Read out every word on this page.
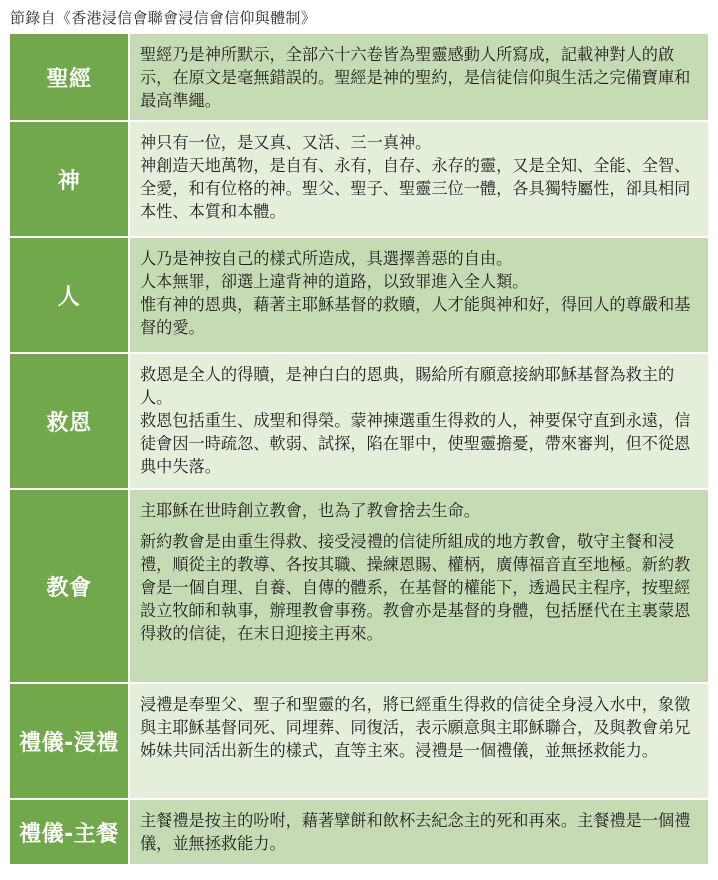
節錄自《香港浸信會聯會浸信會信仰與體制》
聖經

聖經乃是神所默示，全部六十六卷皆為聖靈感動人所寫成，記載神對人的啟示，在原文是毫無錯誤的。聖經是神的聖約，是信徒信仰與生活之完備寶庫和最高準繩。

神

神只有一位，是又真、又活、三一真神。

神創造天地萬物，是自有、永有，自存、永存的靈，又是全知、全能、全智、全愛，和有位格的神。聖父、聖子、聖靈三位一體，各具獨特屬性，卻具相同本性、本質和本體。

人

人乃是神按自己的樣式所造成，具選擇善惡的自由。

人本無罪，卻選上違背神的道路，以致罪進入全人類。

惟有神的恩典，藉著主耶穌基督的救贖，人才能與神和好，得回人的尊嚴和基督的愛。

救恩

救恩是全人的得贖，是神白白的恩典，賜給所有願意接納耶穌基督為救主的人。

救恩包括重生、成聖和得榮。蒙神揀選重生得救的人，神要保守直到永遠，信徒會因一時疏忽、軟弱、試探，陷在罪中，使聖靈擔憂，帶來審判，但不從恩典中失落。

教會

主耶穌在世時創立教會，也為了教會捨去生命。

新約教會是由重生得救、接受浸禮的信徒所組成的地方教會，敬守主餐和浸禮，順從主的教導、各按其職、操練恩賜、權柄，廣傳福音直至地極。新約教會是一個自理、自養、自傳的體系，在基督的權能下，透過民主程序，按聖經設立牧師和執事，辦理教會事務。教會亦是基督的身體，包括歷代在主裏蒙恩得救的信徒，在末日迎接主再來。

禮儀-浸禮

浸禮是奉聖父、聖子和聖靈的名，將已經重生得救的信徒全身浸入水中，象徵與主耶穌基督同死、同埋葬、同復活，表示願意與主耶穌聯合，及與教會弟兄姊妹共同活出新生的樣式，直等主來。浸禮是一個禮儀，並無拯救能力。

禮儀-主餐

主餐禮是按主的吩咐，藉著擘餅和飲杯去紀念主的死和再來。主餐禮是一個禮儀，並無拯救能力。
